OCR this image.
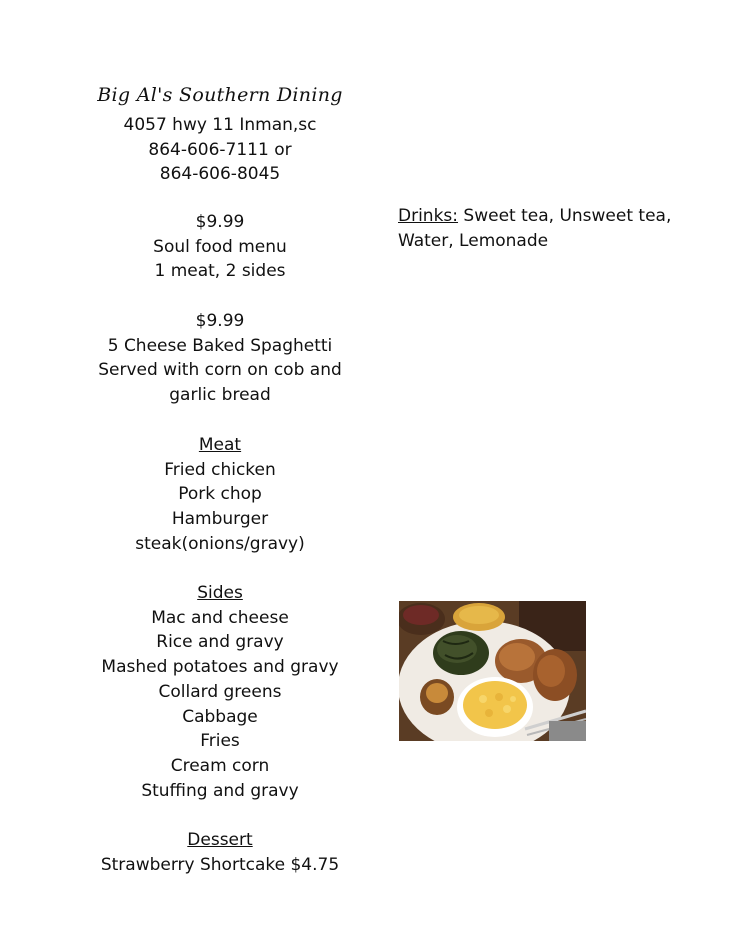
Big Al's Southern Dining
4057 hwy 11 Inman,sc
864-606-7111 or
864-606-8045
$9.99
Soul food menu
1 meat, 2 sides
$9.99
5 Cheese Baked Spaghetti
Served with corn on cob and
garlic bread
Meat
Fried chicken
Pork chop
Hamburger
steak(onions/gravy)
Sides
Mac and cheese
Rice and gravy
Mashed potatoes and gravy
Collard greens
Cabbage
Fries
Cream corn
Stuffing and gravy
Dessert
Strawberry Shortcake $4.75
Drinks: Sweet tea, Unsweet tea, Water, Lemonade
